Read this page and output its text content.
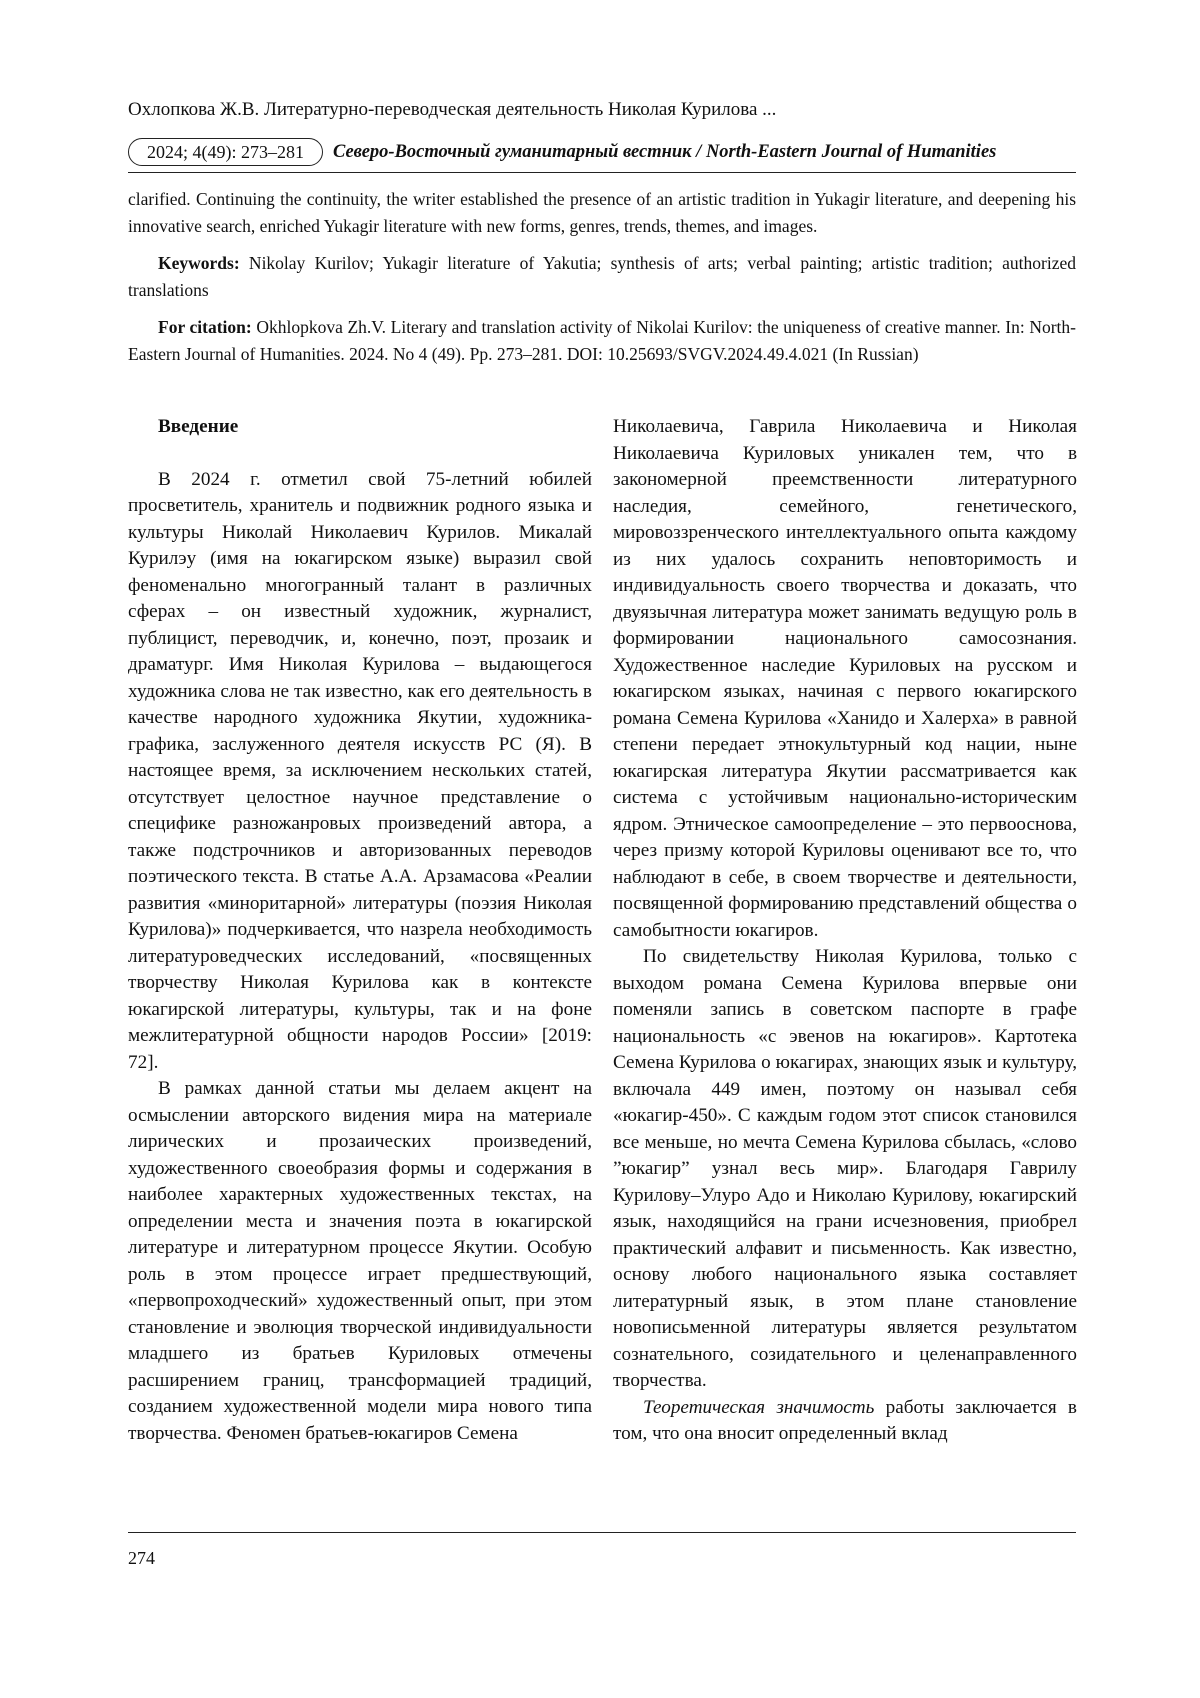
Охлопкова Ж.В. Литературно-переводческая деятельность Николая Курилова ...
2024; 4(49): 273–281	Северо-Восточный гуманитарный вестник / North-Eastern Journal of Humanities

clarified. Continuing the continuity, the writer established the presence of an artistic tradition in Yukagir literature, and deepening his innovative search, enriched Yukagir literature with new forms, genres, trends, themes, and images.

Keywords: Nikolay Kurilov; Yukagir literature of Yakutia; synthesis of arts; verbal painting; artistic tradition; authorized translations

For citation: Okhlopkova Zh.V. Literary and translation activity of Nikolai Kurilov: the uniqueness of creative manner. In: North-Eastern Journal of Humanities. 2024. No 4 (49). Pp. 273–281. DOI: 10.25693/SVGV.2024.49.4.021 (In Russian)

Введение

В 2024 г. отметил свой 75-летний юбилей просветитель, хранитель и подвижник родного языка и культуры Николай Николаевич Курилов. Микалай Курилэу (имя на юкагирском языке) выразил свой феноменально многогранный талант в различных сферах – он известный художник, журналист, публицист, переводчик, и, конечно, поэт, прозаик и драматург. Имя Николая Курилова – выдающегося художника слова не так известно, как его деятельность в качестве народного художника Якутии, художника-графика, заслуженного деятеля искусств РС (Я). В настоящее время, за исключением нескольких статей, отсутствует целостное научное представление о специфике разножанровых произведений автора, а также подстрочников и авторизованных переводов поэтического текста. В статье А.А. Арзамасова «Реалии развития «миноритарной» литературы (поэзия Николая Курилова)» подчеркивается, что назрела необходимость литературоведческих исследований, «посвященных творчеству Николая Курилова как в контексте юкагирской литературы, культуры, так и на фоне межлитературной общности народов России» [2019: 72].

В рамках данной статьи мы делаем акцент на осмыслении авторского видения мира на материале лирических и прозаических произведений, художественного своеобразия формы и содержания в наиболее характерных художественных текстах, на определении места и значения поэта в юкагирской литературе и литературном процессе Якутии. Особую роль в этом процессе играет предшествующий, «первопроходческий» художественный опыт, при этом становление и эволюция творческой индивидуальности младшего из братьев Куриловых отмечены расширением границ, трансформацией традиций, созданием художественной модели мира нового типа творчества. Феномен братьев-юкагиров Семена

Николаевича, Гаврила Николаевича и Николая Николаевича Куриловых уникален тем, что в закономерной преемственности литературного наследия, семейного, генетического, мировоззренческого интеллектуального опыта каждому из них удалось сохранить неповторимость и индивидуальность своего творчества и доказать, что двуязычная литература может занимать ведущую роль в формировании национального самосознания. Художественное наследие Куриловых на русском и юкагирском языках, начиная с первого юкагирского романа Семена Курилова «Ханидо и Халерха» в равной степени передает этнокультурный код нации, ныне юкагирская литература Якутии рассматривается как система с устойчивым национально-историческим ядром. Этническое самоопределение – это первооснова, через призму которой Куриловы оценивают все то, что наблюдают в себе, в своем творчестве и деятельности, посвященной формированию представлений общества о самобытности юкагиров.

По свидетельству Николая Курилова, только с выходом романа Семена Курилова впервые они поменяли запись в советском паспорте в графе национальность «с эвенов на юкагиров». Картотека Семена Курилова о юкагирах, знающих язык и культуру, включала 449 имен, поэтому он называл себя «юкагир-450». С каждым годом этот список становился все меньше, но мечта Семена Курилова сбылась, «слово ˮюкагирˮ узнал весь мир». Благодаря Гаврилу Курилову–Улуро Адо и Николаю Курилову, юкагирский язык, находящийся на грани исчезновения, приобрел практический алфавит и письменность. Как известно, основу любого национального языка составляет литературный язык, в этом плане становление новописьменной литературы является результатом сознательного, созидательного и целенаправленного творчества.

Теоретическая значимость работы заключается в том, что она вносит определенный вклад

274
